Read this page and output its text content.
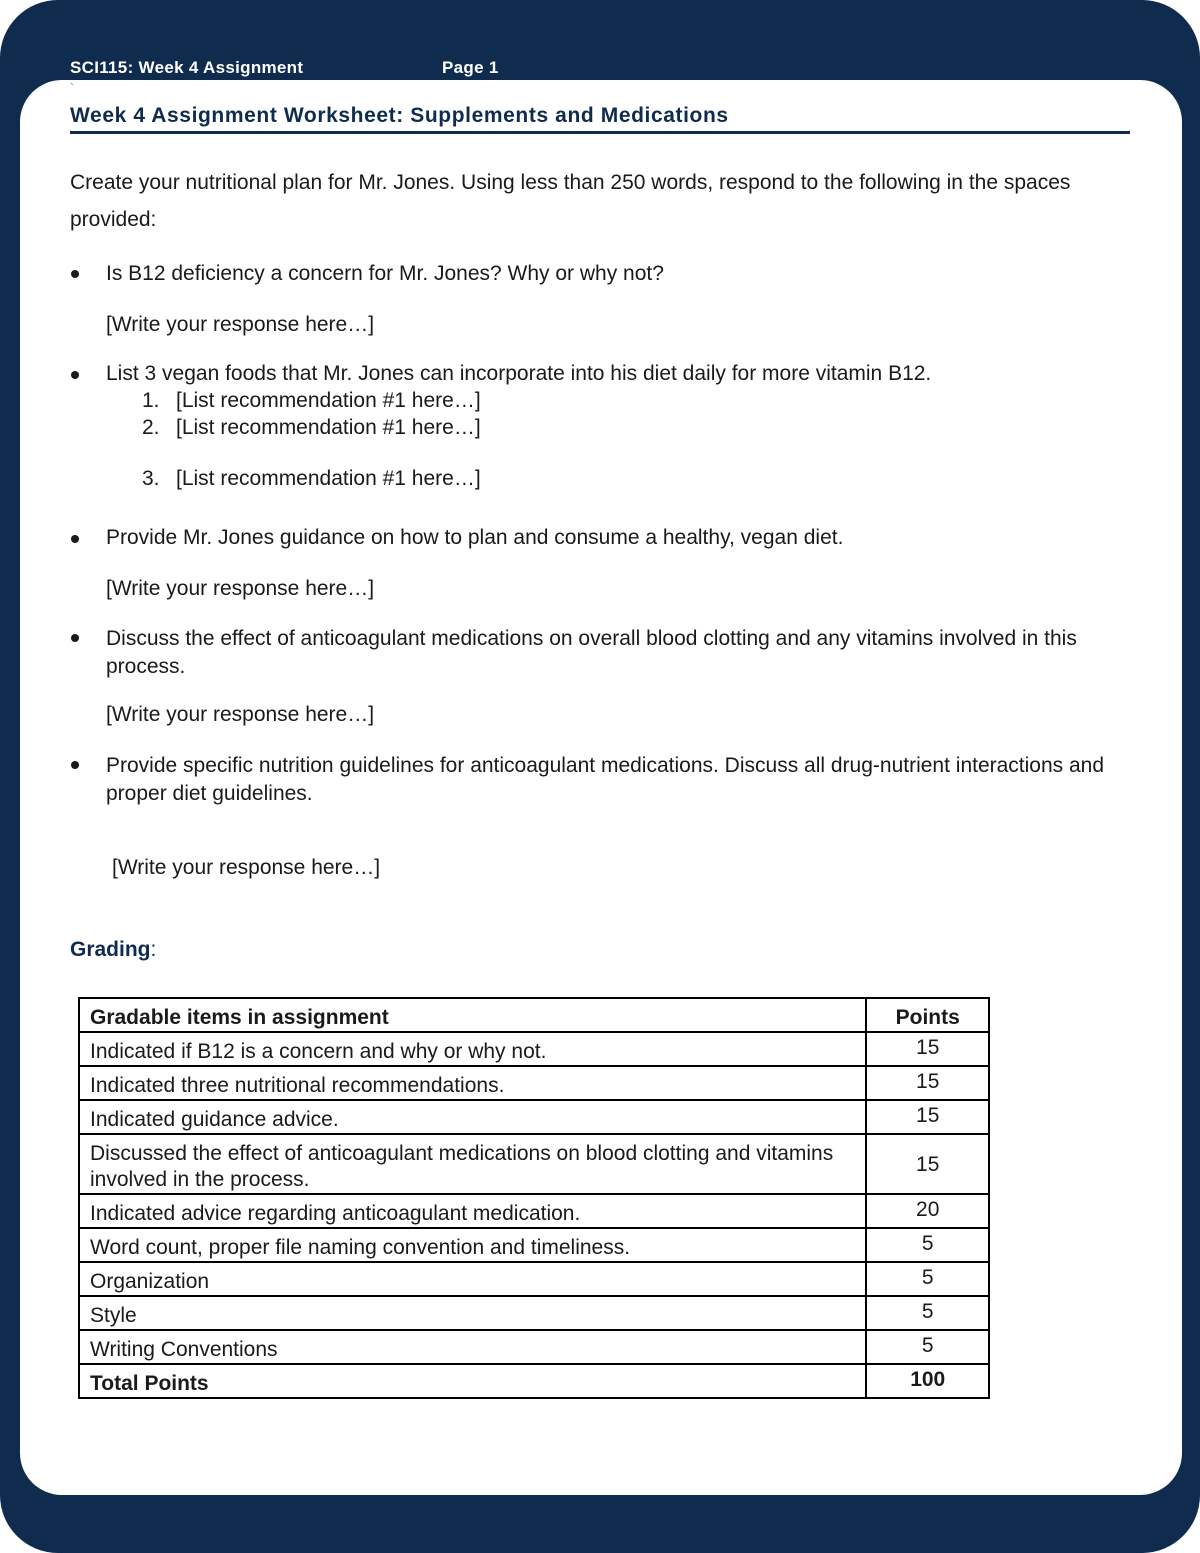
SCI115: Week 4 Assignment	Page 1
`
Week 4 Assignment Worksheet: Supplements and Medications
Create your nutritional plan for Mr. Jones. Using less than 250 words, respond to the following in the spaces provided:
Is B12 deficiency a concern for Mr. Jones? Why or why not?
[Write your response here…]
List 3 vegan foods that Mr. Jones can incorporate into his diet daily for more vitamin B12.
1. [List recommendation #1 here…]
2. [List recommendation #1 here…]
3. [List recommendation #1 here…]
Provide Mr. Jones guidance on how to plan and consume a healthy, vegan diet.
[Write your response here…]
Discuss the effect of anticoagulant medications on overall blood clotting and any vitamins involved in this process.
[Write your response here…]
Provide specific nutrition guidelines for anticoagulant medications. Discuss all drug-nutrient interactions and proper diet guidelines.
[Write your response here…]
Grading:
Gradable items in assignment	Points
Indicated if B12 is a concern and why or why not.	15
Indicated three nutritional recommendations.	15
Indicated guidance advice.	15
Discussed the effect of anticoagulant medications on blood clotting and vitamins involved in the process.	15
Indicated advice regarding anticoagulant medication.	20
Word count, proper file naming convention and timeliness.	5
Organization	5
Style	5
Writing Conventions	5
Total Points	100
